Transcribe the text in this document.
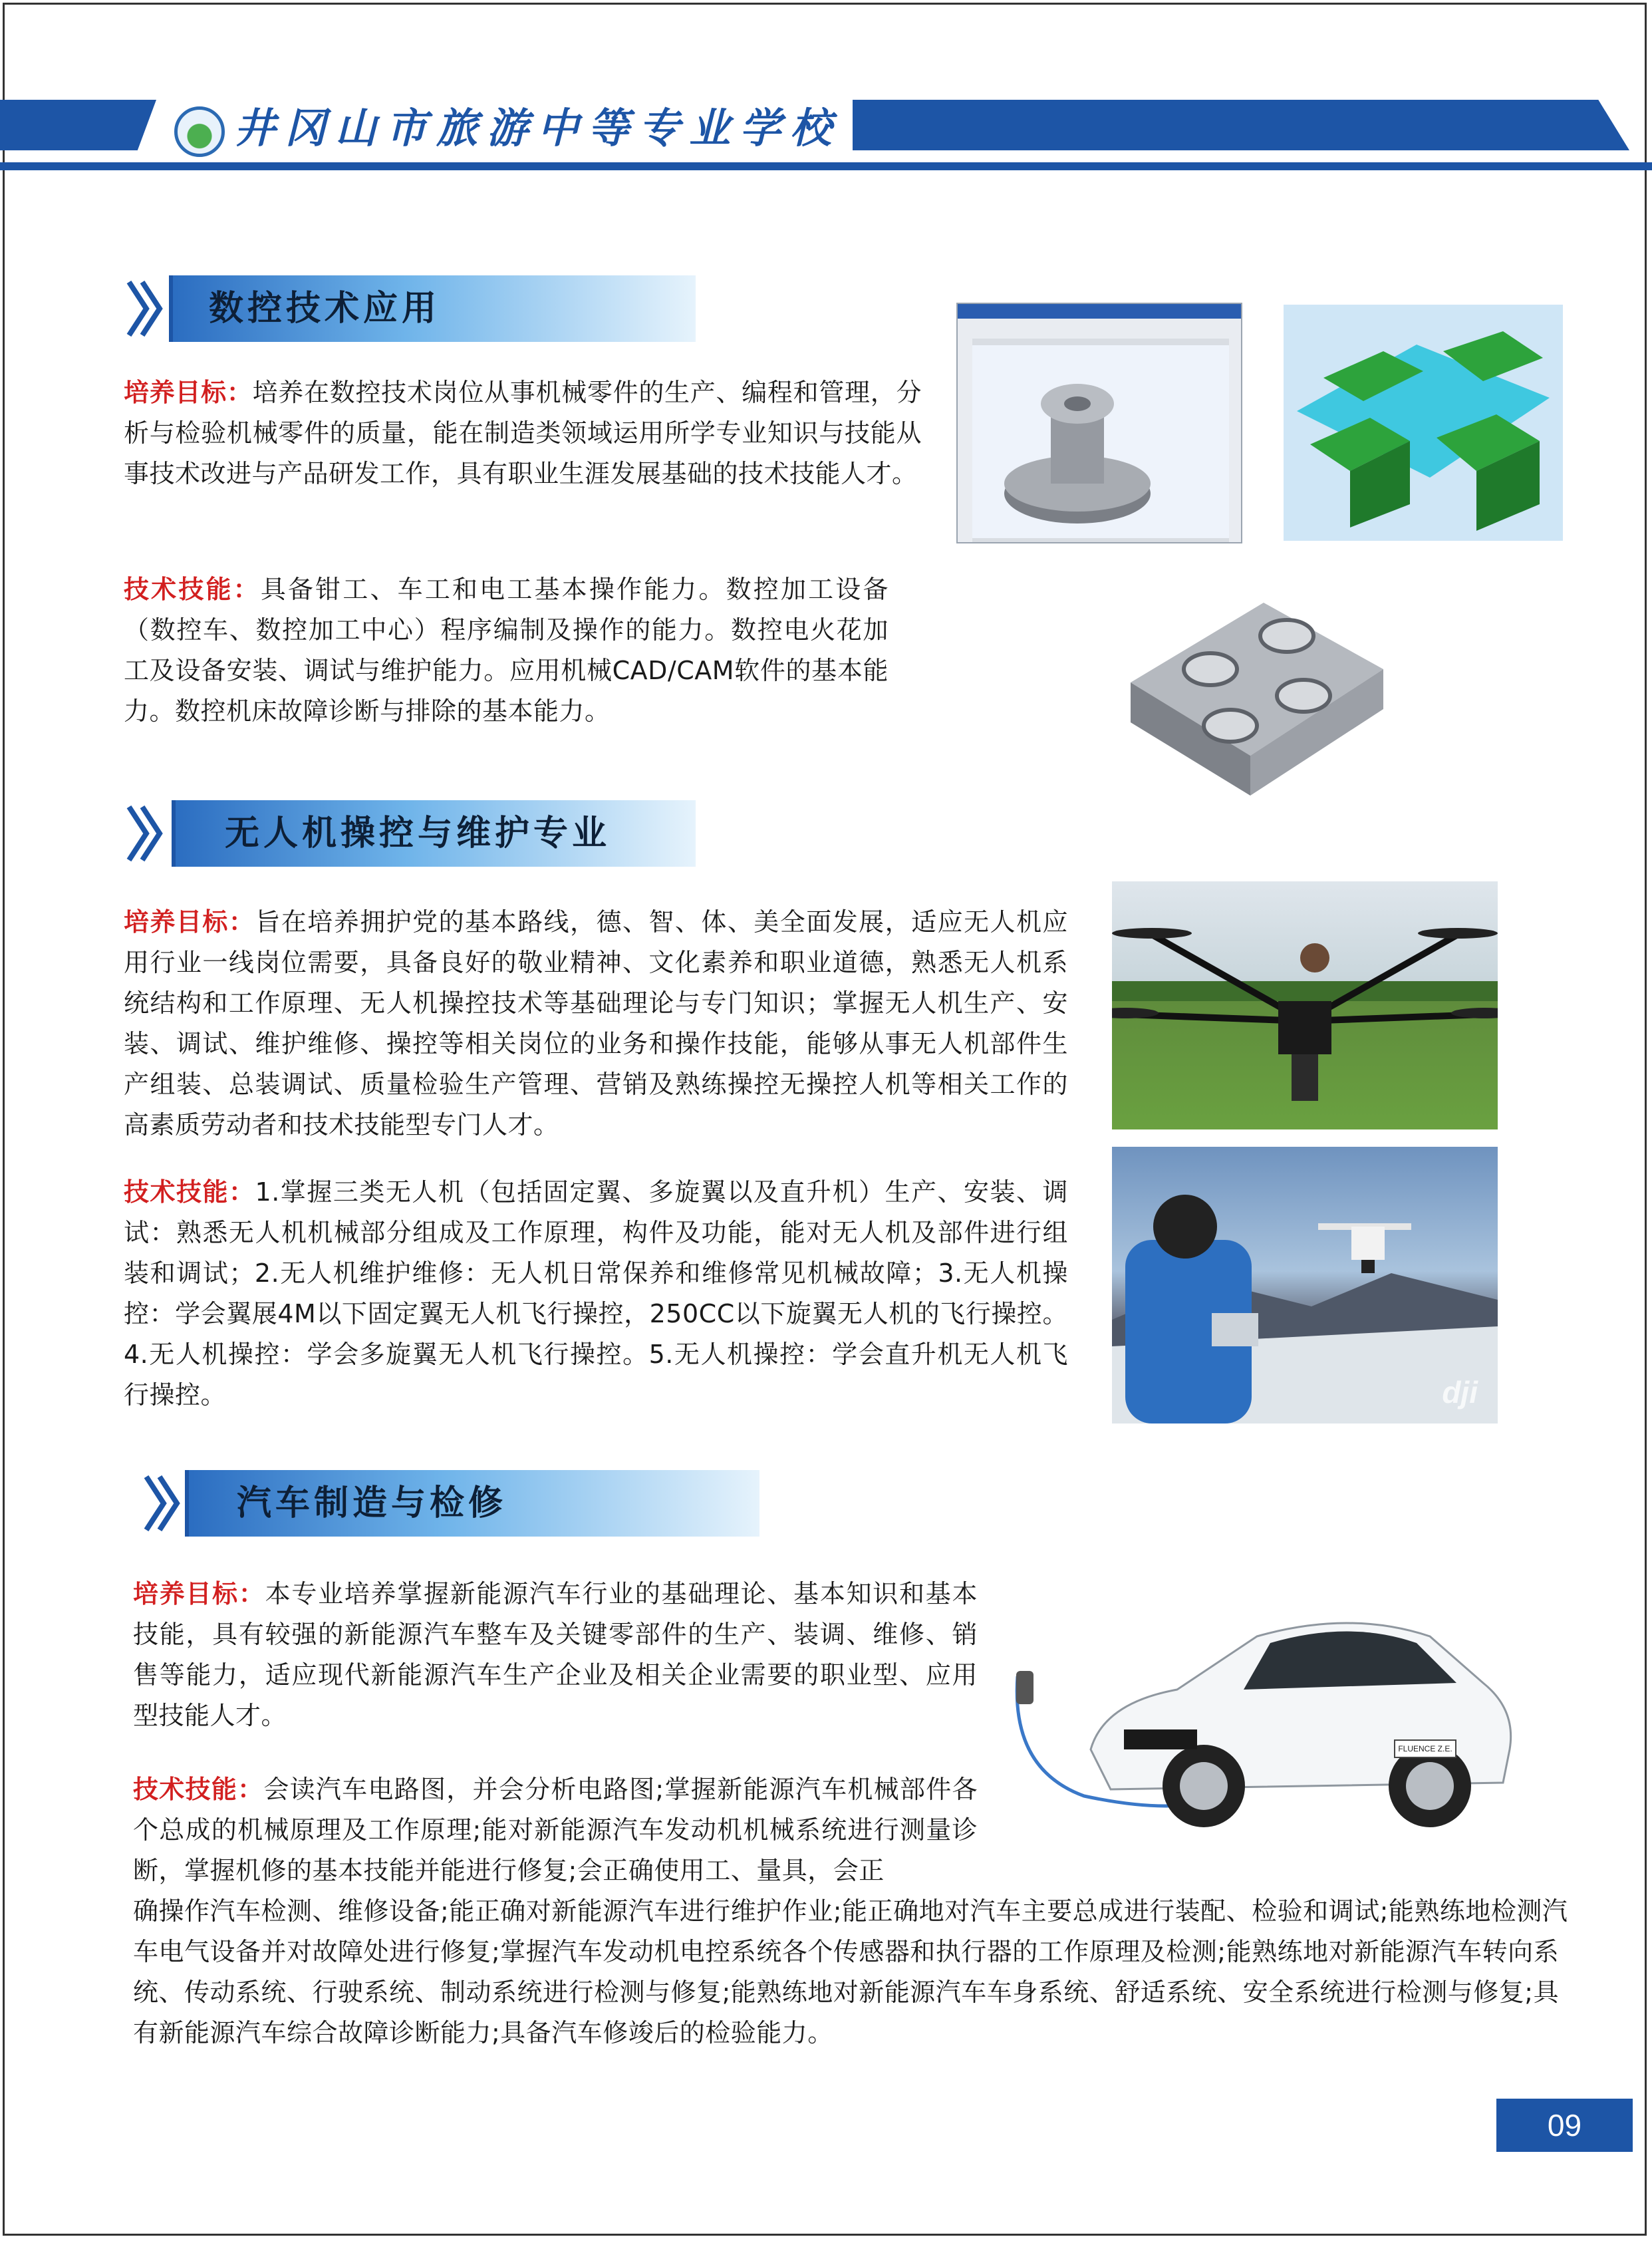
井冈山市旅游中等专业学校
数控技术应用
培养目标：培养在数控技术岗位从事机械零件的生产、编程和管理，分析与检验机械零件的质量，能在制造类领域运用所学专业知识与技能从事技术改进与产品研发工作，具有职业生涯发展基础的技术技能人才。
技术技能：具备钳工、车工和电工基本操作能力。数控加工设备（数控车、数控加工中心）程序编制及操作的能力。数控电火花加工及设备安装、调试与维护能力。应用机械CAD/CAM软件的基本能力。数控机床故障诊断与排除的基本能力。
无人机操控与维护专业
培养目标：旨在培养拥护党的基本路线，德、智、体、美全面发展，适应无人机应用行业一线岗位需要，具备良好的敬业精神、文化素养和职业道德，熟悉无人机系统结构和工作原理、无人机操控技术等基础理论与专门知识；掌握无人机生产、安装、调试、维护维修、操控等相关岗位的业务和操作技能，能够从事无人机部件生产组装、总装调试、质量检验生产管理、营销及熟练操控无操控人机等相关工作的高素质劳动者和技术技能型专门人才。
技术技能：1.掌握三类无人机（包括固定翼、多旋翼以及直升机）生产、安装、调试：熟悉无人机机械部分组成及工作原理，构件及功能，能对无人机及部件进行组装和调试；2.无人机维护维修：无人机日常保养和维修常见机械故障；3.无人机操控：学会翼展4M以下固定翼无人机飞行操控，250CC以下旋翼无人机的飞行操控。4.无人机操控：学会多旋翼无人机飞行操控。5.无人机操控：学会直升机无人机飞行操控。	dji
汽车制造与检修
培养目标：本专业培养掌握新能源汽车行业的基础理论、基本知识和基本技能，具有较强的新能源汽车整车及关键零部件的生产、装调、维修、销售等能力，适应现代新能源汽车生产企业及相关企业需要的职业型、应用型技能人才。
技术技能：会读汽车电路图，并会分析电路图;掌握新能源汽车机械部件各个总成的机械原理及工作原理;能对新能源汽车发动机机械系统进行测量诊断，掌握机修的基本技能并能进行修复;会正确使用工、量具，会正
确操作汽车检测、维修设备;能正确对新能源汽车进行维护作业;能正确地对汽车主要总成进行装配、检验和调试;能熟练地检测汽车电气设备并对故障处进行修复;掌握汽车发动机电控系统各个传感器和执行器的工作原理及检测;能熟练地对新能源汽车转向系统、传动系统、行驶系统、制动系统进行检测与修复;能熟练地对新能源汽车车身系统、舒适系统、安全系统进行检测与修复;具有新能源汽车综合故障诊断能力;具备汽车修竣后的检验能力。
FLUENCE Z.E.
09
